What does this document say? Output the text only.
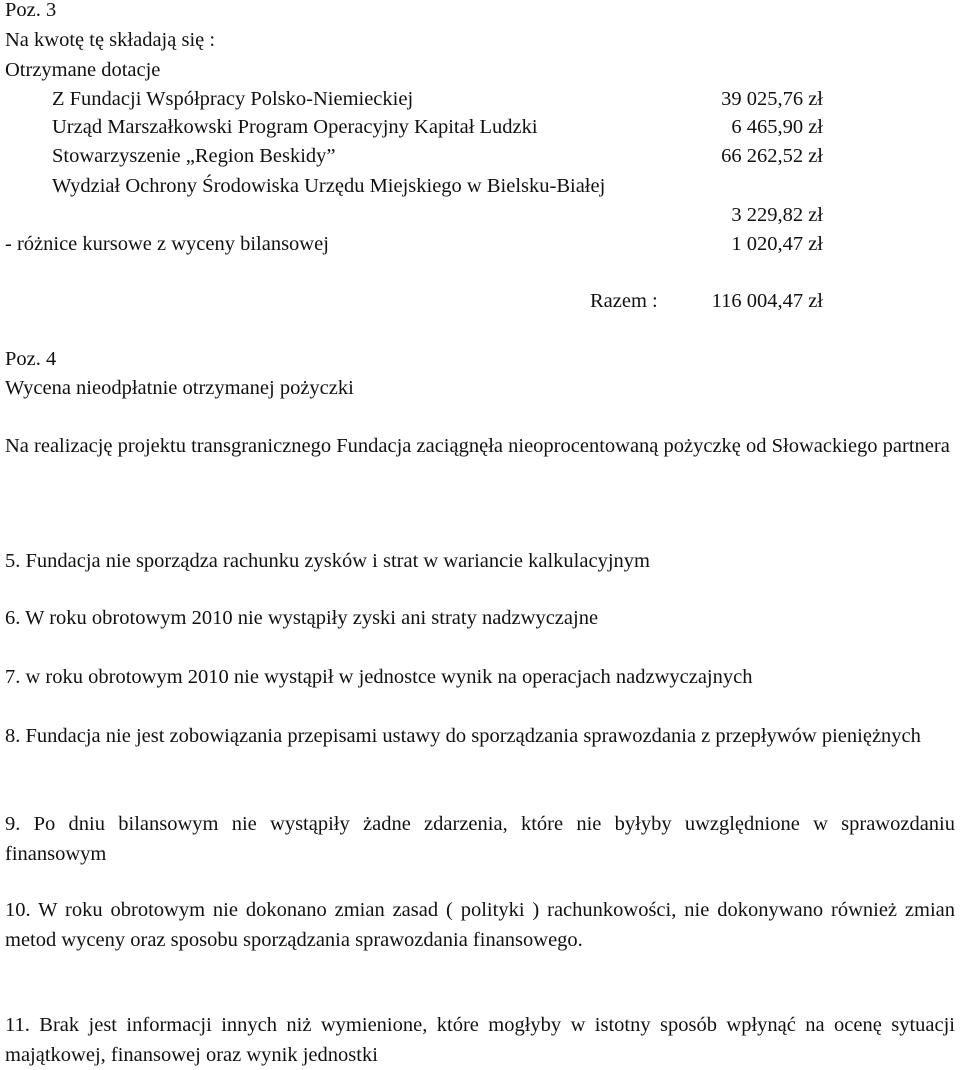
Poz. 3
Na kwotę tę składają się :
Otrzymane dotacje
Z Fundacji Współpracy Polsko-Niemieckiej	39 025,76 zł
Urząd Marszałkowski Program Operacyjny Kapitał Ludzki	6 465,90 zł
Stowarzyszenie „Region Beskidy”	66 262,52 zł
Wydział Ochrony Środowiska Urzędu Miejskiego w Bielsku-Białej
3 229,82 zł
- różnice kursowe z wyceny bilansowej	1 020,47 zł
Razem :	116 004,47 zł
Poz. 4
Wycena nieodpłatnie otrzymanej pożyczki
Na realizację projektu transgranicznego Fundacja zaciągnęła nieoprocentowaną pożyczkę od Słowackiego partnera
5. Fundacja nie sporządza rachunku zysków i strat w wariancie kalkulacyjnym
6. W roku obrotowym 2010 nie wystąpiły zyski ani straty nadzwyczajne
7. w roku obrotowym 2010 nie wystąpił w jednostce wynik na operacjach nadzwyczajnych
8. Fundacja nie jest zobowiązania przepisami ustawy do sporządzania sprawozdania z przepływów pieniężnych
9. Po dniu bilansowym nie wystąpiły żadne zdarzenia, które nie byłyby uwzględnione w sprawozdaniu finansowym
10. W roku obrotowym nie dokonano zmian zasad ( polityki ) rachunkowości, nie dokonywano również zmian metod wyceny oraz sposobu sporządzania sprawozdania finansowego.
11. Brak jest informacji innych niż wymienione, które mogłyby w istotny sposób wpłynąć na ocenę sytuacji majątkowej, finansowej oraz wynik jednostki
